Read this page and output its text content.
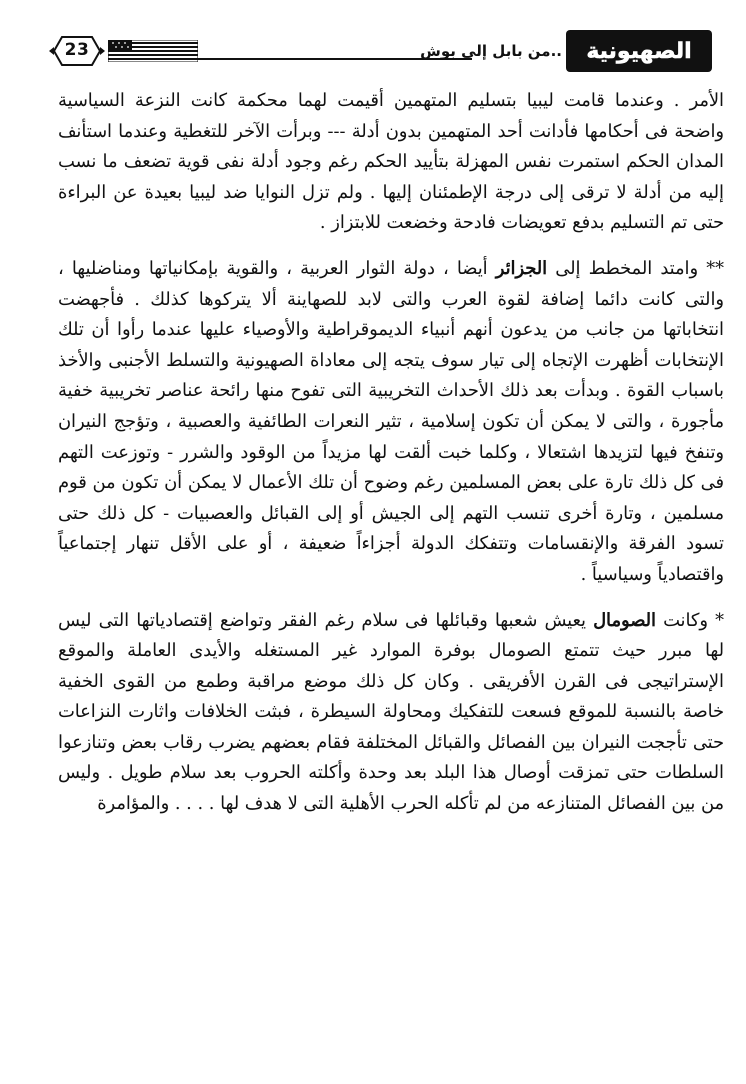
23	..من بابل إلى بوش الصهيونية

الأمر . وعندما قامت ليبيا بتسليم المتهمين أقيمت لهما محكمة كانت النزعة السياسية واضحة فى أحكامها فأدانت أحد المتهمين بدون أدلة --- وبرأت الآخر للتغطية وعندما استأنف المدان الحكم استمرت نفس المهزلة بتأييد الحكم رغم وجود أدلة نفى قوية تضعف ما نسب إليه من أدلة لا ترقى إلى درجة الإطمئنان إليها . ولم تزل النوايا ضد ليبيا بعيدة عن البراءة حتى تم التسليم بدفع تعويضات فادحة وخضعت للابتزاز .

** وامتد المخطط إلى الجزائر أيضا ، دولة الثوار العربية ، والقوية بإمكانياتها ومناضليها ، والتى كانت دائما إضافة لقوة العرب والتى لابد للصهاينة ألا يتركوها كذلك . فأجهضت انتخاباتها من جانب من يدعون أنهم أنبياء الديموقراطية والأوصياء عليها عندما رأوا أن تلك الإنتخابات أظهرت الإتجاه إلى تيار سوف يتجه إلى معاداة الصهيونية والتسلط الأجنبى والأخذ باسباب القوة . وبدأت بعد ذلك الأحداث التخريبية التى تفوح منها رائحة عناصر تخريبية خفية مأجورة ، والتى لا يمكن أن تكون إسلامية ، تثير النعرات الطائفية والعصبية ، وتؤجج النيران وتنفخ فيها لتزيدها اشتعالا ، وكلما خبت ألقت لها مزيداً من الوقود والشرر - وتوزعت التهم فى كل ذلك تارة على بعض المسلمين رغم وضوح أن تلك الأعمال لا يمكن أن تكون من قوم مسلمين ، وتارة أخرى تنسب التهم إلى الجيش أو إلى القبائل والعصبيات - كل ذلك حتى تسود الفرقة والإنقسامات وتتفكك الدولة أجزاءاً ضعيفة ، أو على الأقل تنهار إجتماعياً واقتصادياً وسياسياً .

* وكانت الصومال يعيش شعبها وقبائلها فى سلام رغم الفقر وتواضع إقتصادياتها التى ليس لها مبرر حيث تتمتع الصومال بوفرة الموارد غير المستغله والأيدى العاملة والموقع الإستراتيجى فى القرن الأفريقى . وكان كل ذلك موضع مراقبة وطمع من القوى الخفية خاصة بالنسبة للموقع فسعت للتفكيك ومحاولة السيطرة ، فبثت الخلافات واثارت النزاعات حتى تأججت النيران بين الفصائل والقبائل المختلفة فقام بعضهم يضرب رقاب بعض وتنازعوا السلطات حتى تمزقت أوصال هذا البلد بعد وحدة وأكلته الحروب بعد سلام طويل . وليس من بين الفصائل المتنازعه من لم تأكله الحرب الأهلية التى لا هدف لها . . . . والمؤامرة
